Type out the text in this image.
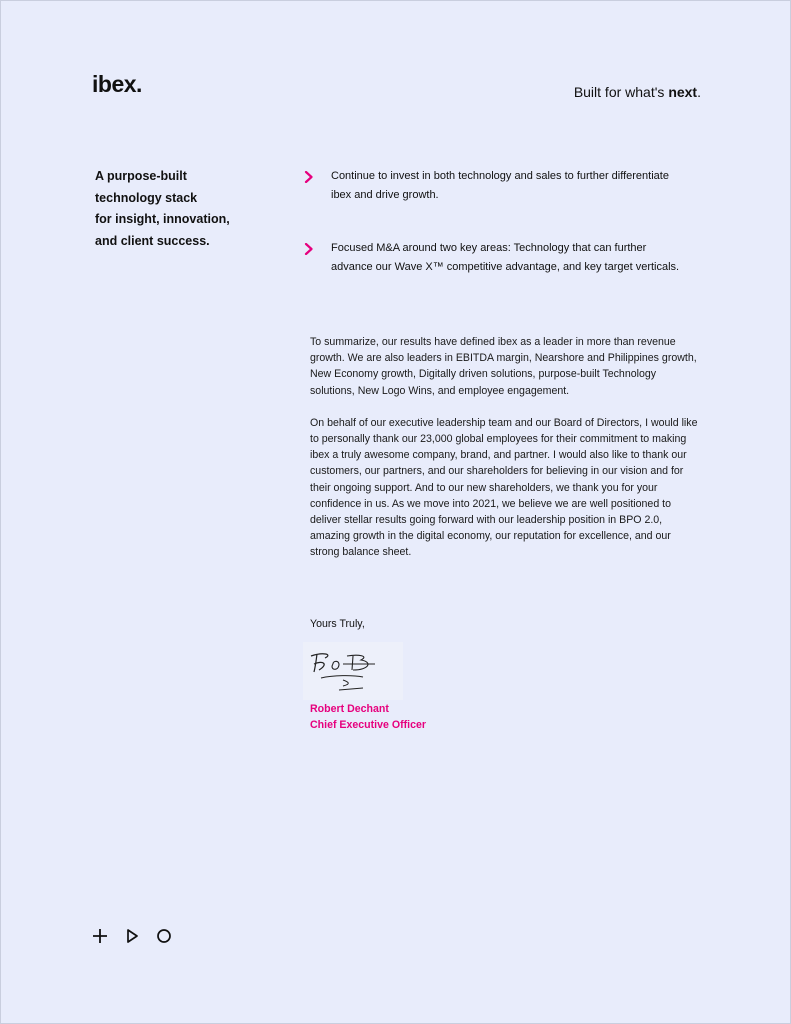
ibex.	Built for what's next.
A purpose-built
technology stack
for insight, innovation,
and client success.
Continue to invest in both technology and sales to further differentiate ibex and drive growth.
Focused M&A around two key areas: Technology that can further advance our Wave X™ competitive advantage, and key target verticals.

To summarize, our results have defined ibex as a leader in more than revenue growth. We are also leaders in EBITDA margin, Nearshore and Philippines growth, New Economy growth, Digitally driven solutions, purpose-built Technology solutions, New Logo Wins, and employee engagement.

On behalf of our executive leadership team and our Board of Directors, I would like to personally thank our 23,000 global employees for their commitment to making ibex a truly awesome company, brand, and partner. I would also like to thank our customers, our partners, and our shareholders for believing in our vision and for their ongoing support. And to our new shareholders, we thank you for your confidence in us. As we move into 2021, we believe we are well positioned to deliver stellar results going forward with our leadership position in BPO 2.0, amazing growth in the digital economy, our reputation for excellence, and our strong balance sheet.

Yours Truly,
Robert Dechant
Chief Executive Officer
